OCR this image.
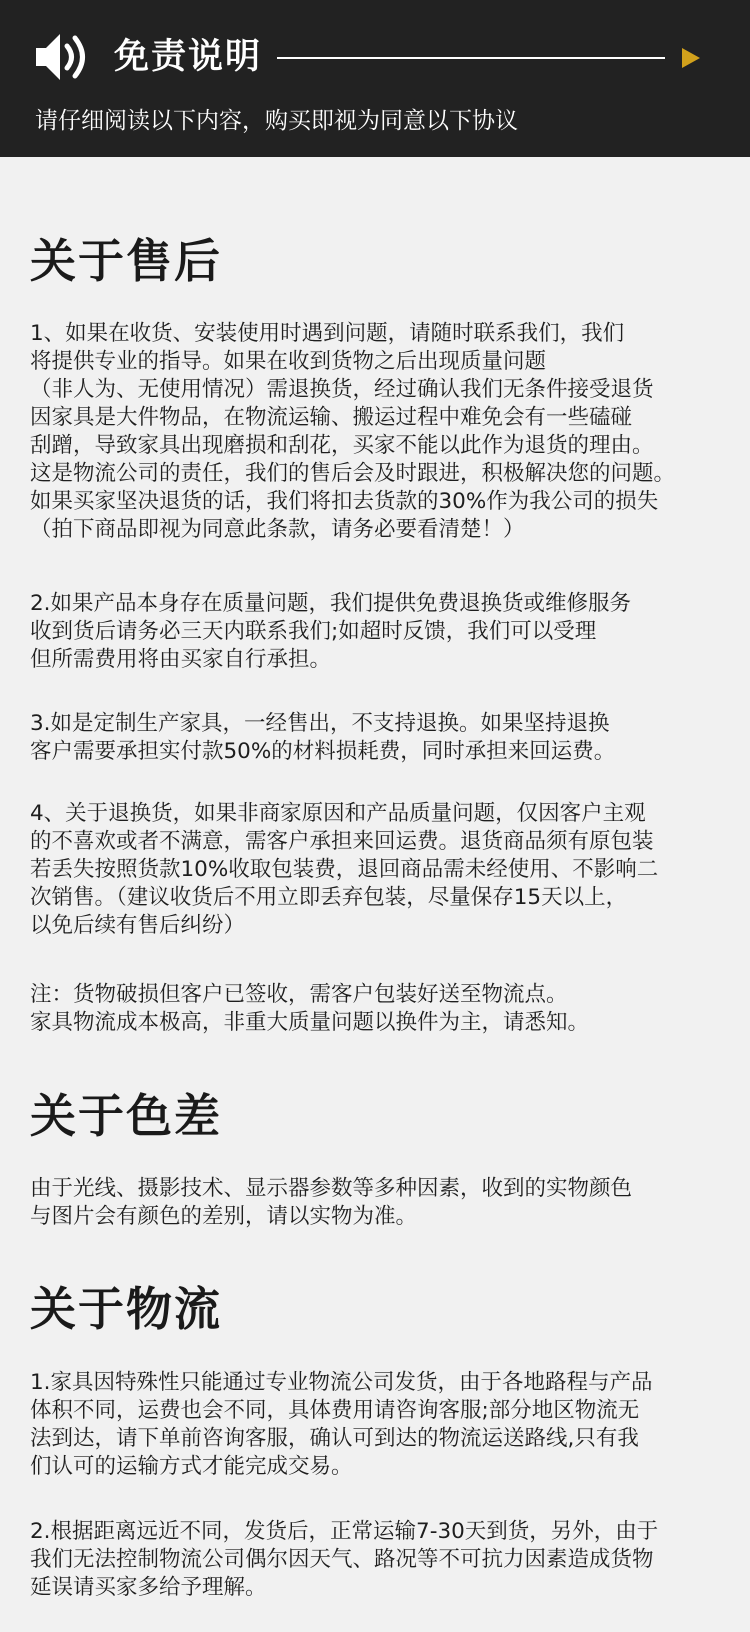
免责说明
请仔细阅读以下内容，购买即视为同意以下协议
关于售后
1、如果在收货、安装使用时遇到问题，请随时联系我们，我们
将提供专业的指导。如果在收到货物之后出现质量问题
（非人为、无使用情况）需退换货，经过确认我们无条件接受退货
因家具是大件物品，在物流运输、搬运过程中难免会有一些磕碰
刮蹭，导致家具出现磨损和刮花，买家不能以此作为退货的理由。
这是物流公司的责任，我们的售后会及时跟进，积极解决您的问题。
如果买家坚决退货的话，我们将扣去货款的30%作为我公司的损失
（拍下商品即视为同意此条款，请务必要看清楚！）
2.如果产品本身存在质量问题，我们提供免费退换货或维修服务
收到货后请务必三天内联系我们;如超时反馈，我们可以受理
但所需费用将由买家自行承担。
3.如是定制生产家具，一经售出，不支持退换。如果坚持退换
客户需要承担实付款50%的材料损耗费，同时承担来回运费。
4、关于退换货，如果非商家原因和产品质量问题，仅因客户主观
的不喜欢或者不满意，需客户承担来回运费。退货商品须有原包装
若丢失按照货款10%收取包装费，退回商品需未经使用、不影响二
次销售。（建议收货后不用立即丢弃包装，尽量保存15天以上，
以免后续有售后纠纷）
注：货物破损但客户已签收，需客户包装好送至物流点。
家具物流成本极高，非重大质量问题以换件为主，请悉知。
关于色差
由于光线、摄影技术、显示器参数等多种因素，收到的实物颜色
与图片会有颜色的差别，请以实物为准。
关于物流
1.家具因特殊性只能通过专业物流公司发货，由于各地路程与产品
体积不同，运费也会不同，具体费用请咨询客服;部分地区物流无
法到达，请下单前咨询客服，确认可到达的物流运送路线,只有我
们认可的运输方式才能完成交易。
2.根据距离远近不同，发货后，正常运输7-30天到货，另外，由于
我们无法控制物流公司偶尔因天气、路况等不可抗力因素造成货物
延误请买家多给予理解。
